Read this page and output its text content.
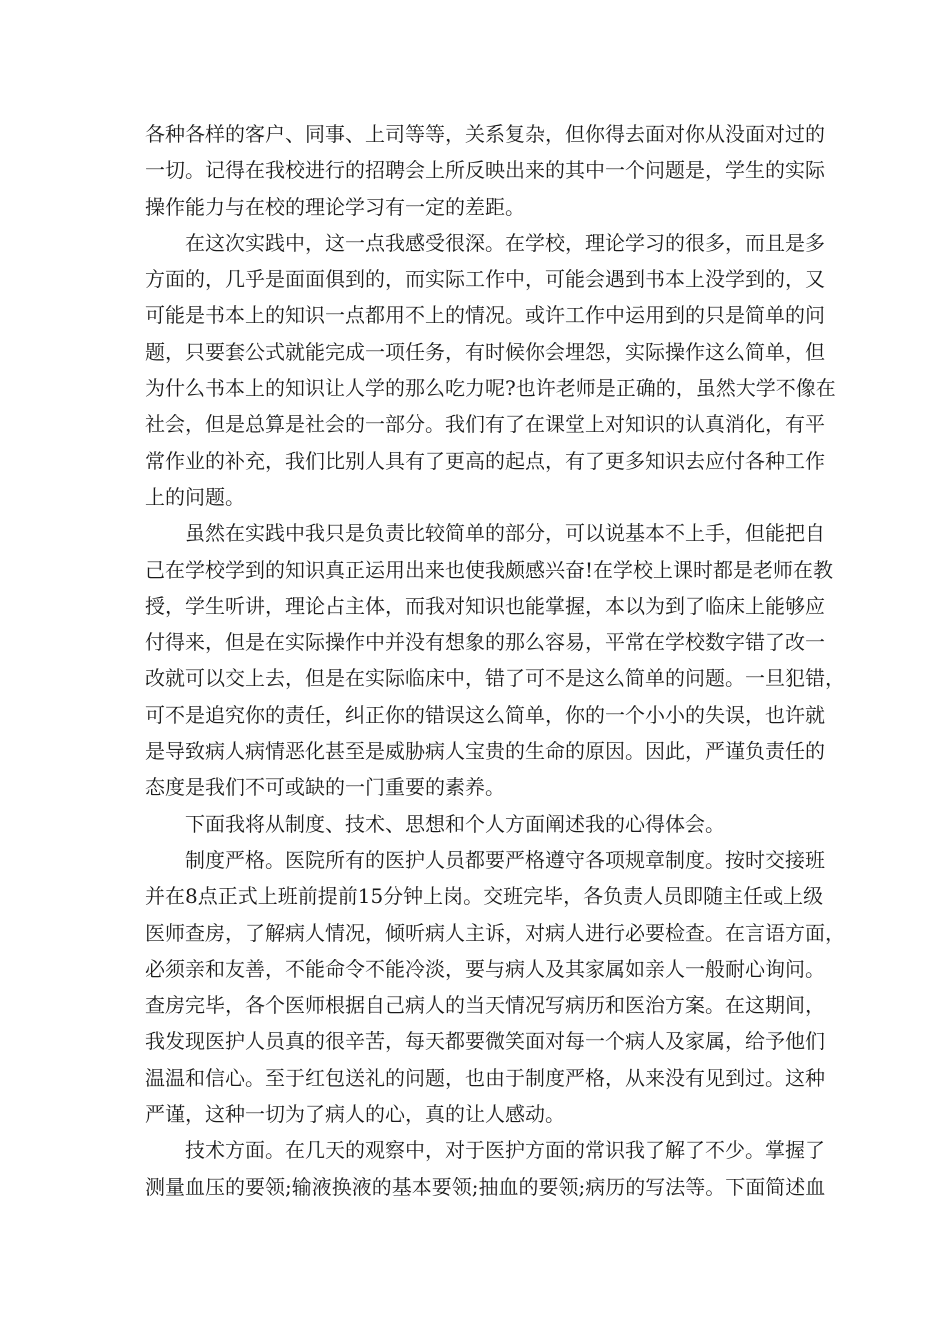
各种各样的客户、同事、上司等等，关系复杂，但你得去面对你从没面对过的
一切。记得在我校进行的招聘会上所反映出来的其中一个问题是，学生的实际
操作能力与在校的理论学习有一定的差距。
在这次实践中，这一点我感受很深。在学校，理论学习的很多，而且是多
方面的，几乎是面面俱到的，而实际工作中，可能会遇到书本上没学到的，又
可能是书本上的知识一点都用不上的情况。或许工作中运用到的只是简单的问
题，只要套公式就能完成一项任务，有时候你会埋怨，实际操作这么简单，但
为什么书本上的知识让人学的那么吃力呢?也许老师是正确的，虽然大学不像在
社会，但是总算是社会的一部分。我们有了在课堂上对知识的认真消化，有平
常作业的补充，我们比别人具有了更高的起点，有了更多知识去应付各种工作
上的问题。
虽然在实践中我只是负责比较简单的部分，可以说基本不上手，但能把自
己在学校学到的知识真正运用出来也使我颇感兴奋!在学校上课时都是老师在教
授，学生听讲，理论占主体，而我对知识也能掌握，本以为到了临床上能够应
付得来，但是在实际操作中并没有想象的那么容易，平常在学校数字错了改一
改就可以交上去，但是在实际临床中，错了可不是这么简单的问题。一旦犯错，
可不是追究你的责任，纠正你的错误这么简单，你的一个小小的失误，也许就
是导致病人病情恶化甚至是威胁病人宝贵的生命的原因。因此，严谨负责任的
态度是我们不可或缺的一门重要的素养。
下面我将从制度、技术、思想和个人方面阐述我的心得体会。
制度严格。医院所有的医护人员都要严格遵守各项规章制度。按时交接班
并在8点正式上班前提前15分钟上岗。交班完毕，各负责人员即随主任或上级
医师查房，了解病人情况，倾听病人主诉，对病人进行必要检查。在言语方面，
必须亲和友善，不能命令不能冷淡，要与病人及其家属如亲人一般耐心询问。
查房完毕，各个医师根据自己病人的当天情况写病历和医治方案。在这期间，
我发现医护人员真的很辛苦，每天都要微笑面对每一个病人及家属，给予他们
温温和信心。至于红包送礼的问题，也由于制度严格，从来没有见到过。这种
严谨，这种一切为了病人的心，真的让人感动。
技术方面。在几天的观察中，对于医护方面的常识我了解了不少。掌握了
测量血压的要领;输液换液的基本要领;抽血的要领;病历的写法等。下面简述血
